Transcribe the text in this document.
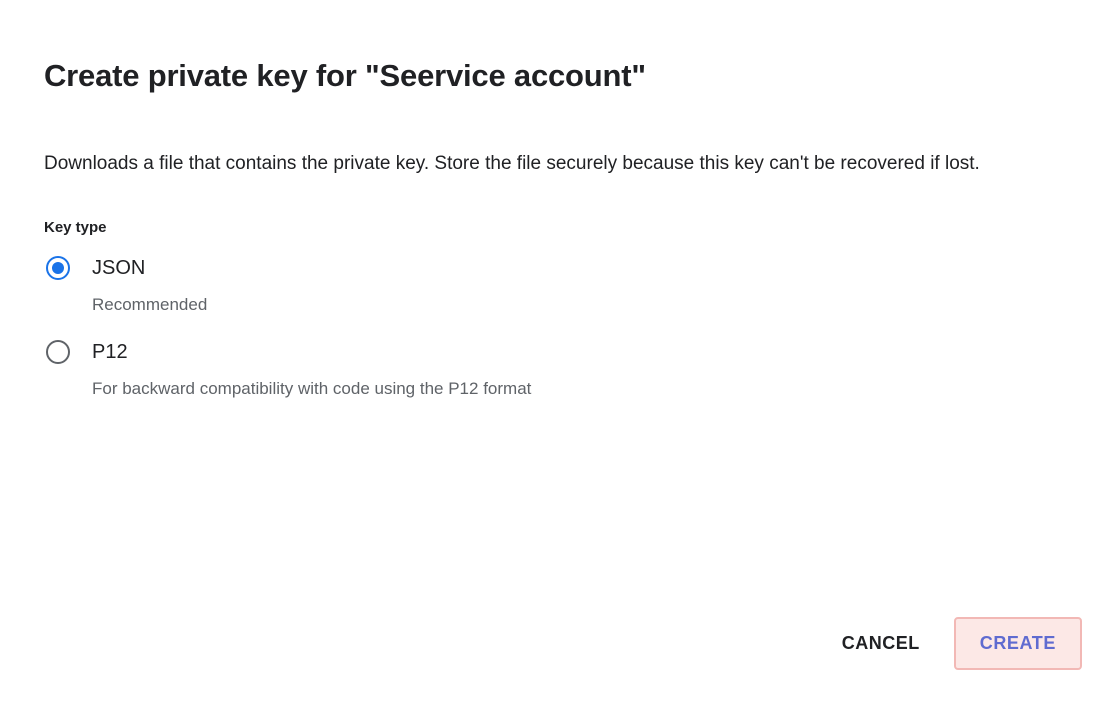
Create private key for "Seervice account"

Downloads a file that contains the private key. Store the file securely because this key can't be recovered if lost.

Key type
JSON
Recommended
P12
For backward compatibility with code using the P12 format
CANCEL	CREATE
